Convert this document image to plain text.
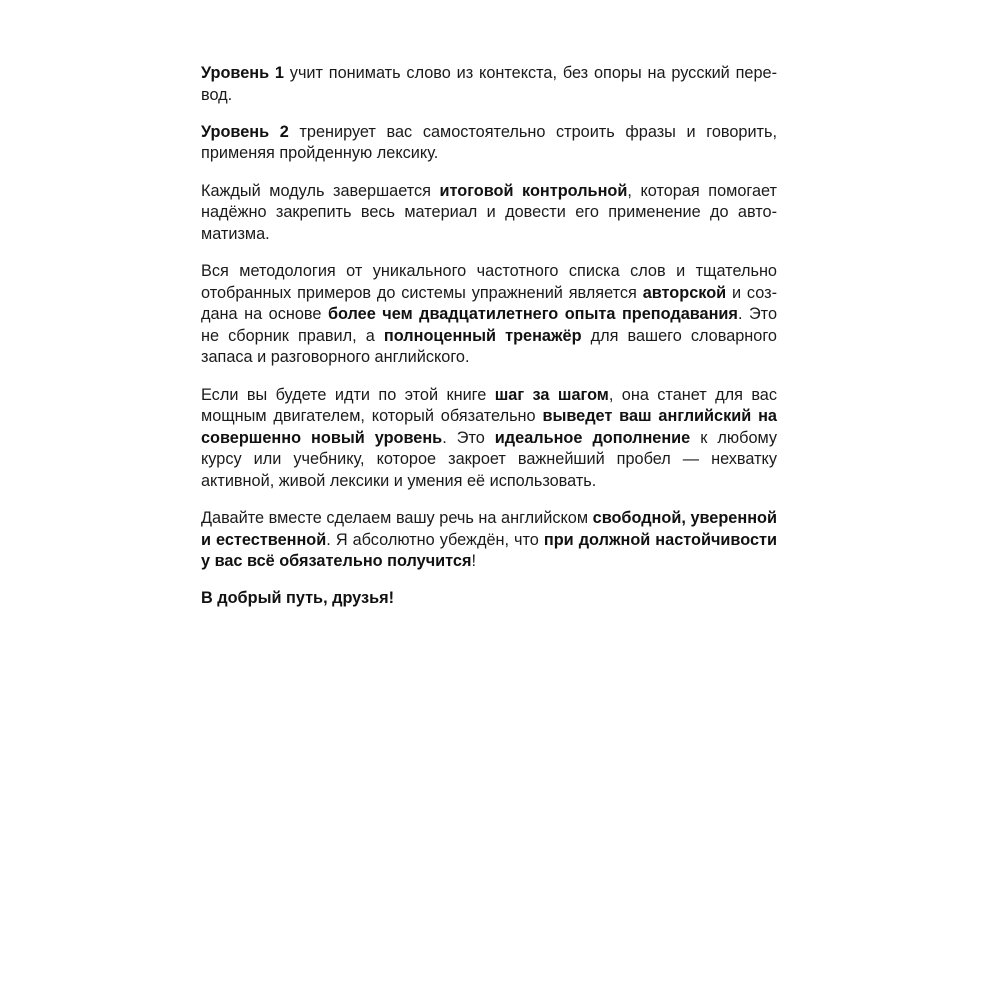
Уровень 1 учит понимать слово из контекста, без опоры на русский перевод.

Уровень 2 тренирует вас самостоятельно строить фразы и говорить, применяя пройденную лексику.

Каждый модуль завершается итоговой контрольной, которая помогает надёжно закрепить весь материал и довести его применение до автоматизма.

Вся методология от уникального частотного списка слов и тщательно отобранных примеров до системы упражнений является авторской и создана на основе более чем двадцатилетнего опыта преподавания. Это не сборник правил, а полноценный тренажёр для вашего словарного запаса и разговорного английского.

Если вы будете идти по этой книге шаг за шагом, она станет для вас мощным двигателем, который обязательно выведет ваш английский на совершенно новый уровень. Это идеальное дополнение к любому курсу или учебнику, которое закроет важнейший пробел — нехватку активной, живой лексики и умения её использовать.

Давайте вместе сделаем вашу речь на английском свободной, уверенной и естественной. Я абсолютно убеждён, что при должной настойчивости у вас всё обязательно получится!

В добрый путь, друзья!
